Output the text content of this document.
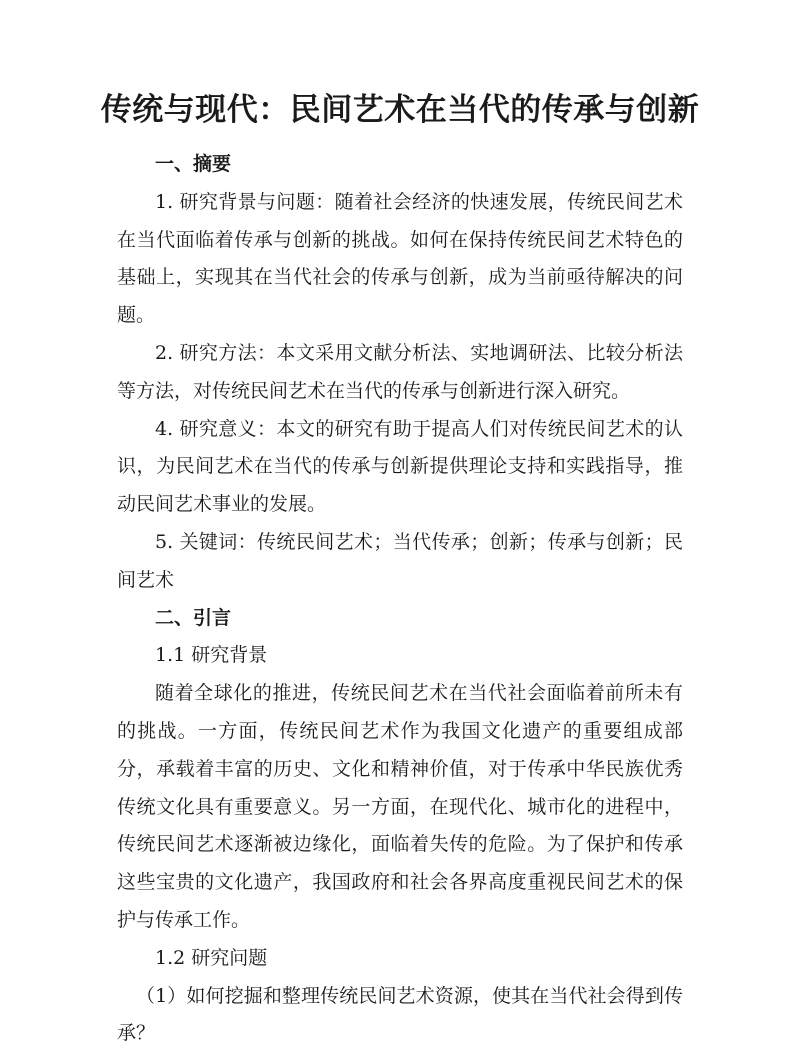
传统与现代：民间艺术在当代的传承与创新

一、摘要

1. 研究背景与问题：随着社会经济的快速发展，传统民间艺术在当代面临着传承与创新的挑战。如何在保持传统民间艺术特色的基础上，实现其在当代社会的传承与创新，成为当前亟待解决的问题。

2. 研究方法：本文采用文献分析法、实地调研法、比较分析法等方法，对传统民间艺术在当代的传承与创新进行深入研究。

4. 研究意义：本文的研究有助于提高人们对传统民间艺术的认识，为民间艺术在当代的传承与创新提供理论支持和实践指导，推动民间艺术事业的发展。

5. 关键词：传统民间艺术；当代传承；创新；传承与创新；民间艺术

二、引言

1.1 研究背景

随着全球化的推进，传统民间艺术在当代社会面临着前所未有的挑战。一方面，传统民间艺术作为我国文化遗产的重要组成部分，承载着丰富的历史、文化和精神价值，对于传承中华民族优秀传统文化具有重要意义。另一方面，在现代化、城市化的进程中，传统民间艺术逐渐被边缘化，面临着失传的危险。为了保护和传承这些宝贵的文化遗产，我国政府和社会各界高度重视民间艺术的保护与传承工作。

1.2 研究问题

（1）如何挖掘和整理传统民间艺术资源，使其在当代社会得到传承？
